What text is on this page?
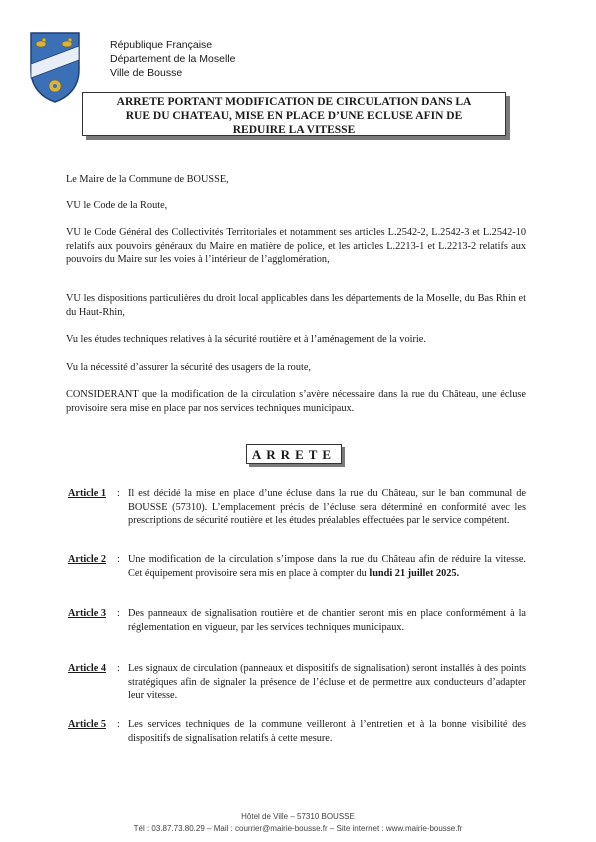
République Française
Département de la Moselle
Ville de Bousse
ARRETE PORTANT MODIFICATION DE CIRCULATION DANS LA
RUE DU CHATEAU, MISE EN PLACE D’UNE ECLUSE AFIN DE
REDUIRE LA VITESSE
Le Maire de la Commune de BOUSSE,
VU le Code de la Route,
VU le Code Général des Collectivités Territoriales et notamment ses articles L.2542-2, L.2542-3 et L.2542-10 relatifs aux pouvoirs généraux du Maire en matière de police, et les articles L.2213-1 et L.2213-2 relatifs aux pouvoirs du Maire sur les voies à l’intérieur de l’agglomération,
VU les dispositions particulières du droit local applicables dans les départements de la Moselle, du Bas Rhin et du Haut-Rhin,
Vu les études techniques relatives à la sécurité routière et à l’aménagement de la voirie.
Vu la nécessité d’assurer la sécurité des usagers de la route,
CONSIDERANT que la modification de la circulation s’avère nécessaire dans la rue du Château, une écluse provisoire sera mise en place par nos services techniques municipaux.
ARRETE
Article 1	: Il est décidé la mise en place d’une écluse dans la rue du Château, sur le ban communal de BOUSSE (57310). L’emplacement précis de l’écluse sera déterminé en conformité avec les prescriptions de sécurité routière et les études préalables effectuées par le service compétent.
Article 2	: Une modification de la circulation s’impose dans la rue du Château afin de réduire la vitesse. Cet équipement provisoire sera mis en place à compter du lundi 21 juillet 2025.
Article 3	: Des panneaux de signalisation routière et de chantier seront mis en place conformément à la réglementation en vigueur, par les services techniques municipaux.
Article 4	: Les signaux de circulation (panneaux et dispositifs de signalisation) seront installés à des points stratégiques afin de signaler la présence de l’écluse et de permettre aux conducteurs d’adapter leur vitesse.
Article 5	: Les services techniques de la commune veilleront à l’entretien et à la bonne visibilité des dispositifs de signalisation relatifs à cette mesure.
Hôtel de Ville – 57310 BOUSSE
Tél : 03.87.73.80.29 – Mail : courrier@mairie-bousse.fr – Site internet : www.mairie-bousse.fr
